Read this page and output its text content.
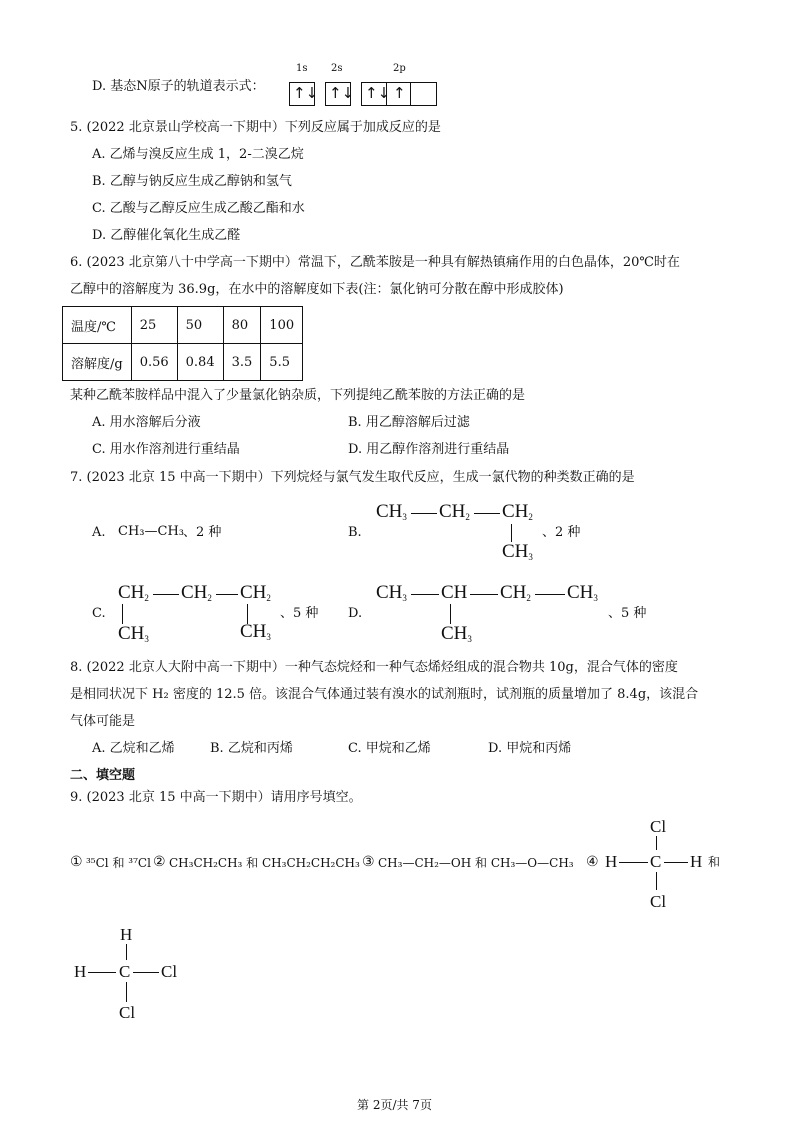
D. 基态N原子的轨道表示式：
1s 2s	2p
↑↓ ↑↓ ↑↓ ↑
5. (2022 北京景山学校高一下期中）下列反应属于加成反应的是
A. 乙烯与溴反应生成 1，2-二溴乙烷
B. 乙醇与钠反应生成乙醇钠和氢气
C. 乙酸与乙醇反应生成乙酸乙酯和水
D. 乙醇催化氧化生成乙醛
6. (2023 北京第八十中学高一下期中）常温下，乙酰苯胺是一种具有解热镇痛作用的白色晶体，20℃时在
乙醇中的溶解度为 36.9g，在水中的溶解度如下表(注：氯化钠可分散在醇中形成胶体)
温度/℃	25	50	80	100
溶解度/g	0.56	0.84	3.5	5.5
某种乙酰苯胺样品中混入了少量氯化钠杂质，下列提纯乙酰苯胺的方法正确的是
A. 用水溶解后分液	B. 用乙醇溶解后过滤
C. 用水作溶剂进行重结晶	D. 用乙醇作溶剂进行重结晶
7. (2023 北京 15 中高一下期中）下列烷烃与氯气发生取代反应，生成一氯代物的种类数正确的是
A. CH₃—CH₃ 、2 种	B.
$CH_3$ $CH_2$ $CH_2$
$CH_3$
、2 种
C.
$CH_2$ $CH_2$ $CH_2$
$CH_3$	$CH_3$
、5 种 D.
$CH_3$ CH $CH_2$ $CH_3$
$CH_3$
、5 种
8. (2022 北京人大附中高一下期中）一种气态烷烃和一种气态烯烃组成的混合物共 10g，混合气体的密度
是相同状况下 H₂ 密度的 12.5 倍。该混合气体通过装有溴水的试剂瓶时，试剂瓶的质量增加了 8.4g，该混合
气体可能是
A. 乙烷和乙烯	B. 乙烷和丙烯	C. 甲烷和乙烯	D. 甲烷和丙烯
二、填空题
9. (2023 北京 15 中高一下期中）请用序号填空。
① ³⁵Cl 和 ³⁷Cl ② CH₃CH₂CH₃ 和 CH₃CH₂CH₂CH₃ ③ CH₃—CH₂—OH 和 CH₃—O—CH₃ ④
Cl
H C H
Cl
和
H
H C Cl
Cl
第 2页/共 7页
